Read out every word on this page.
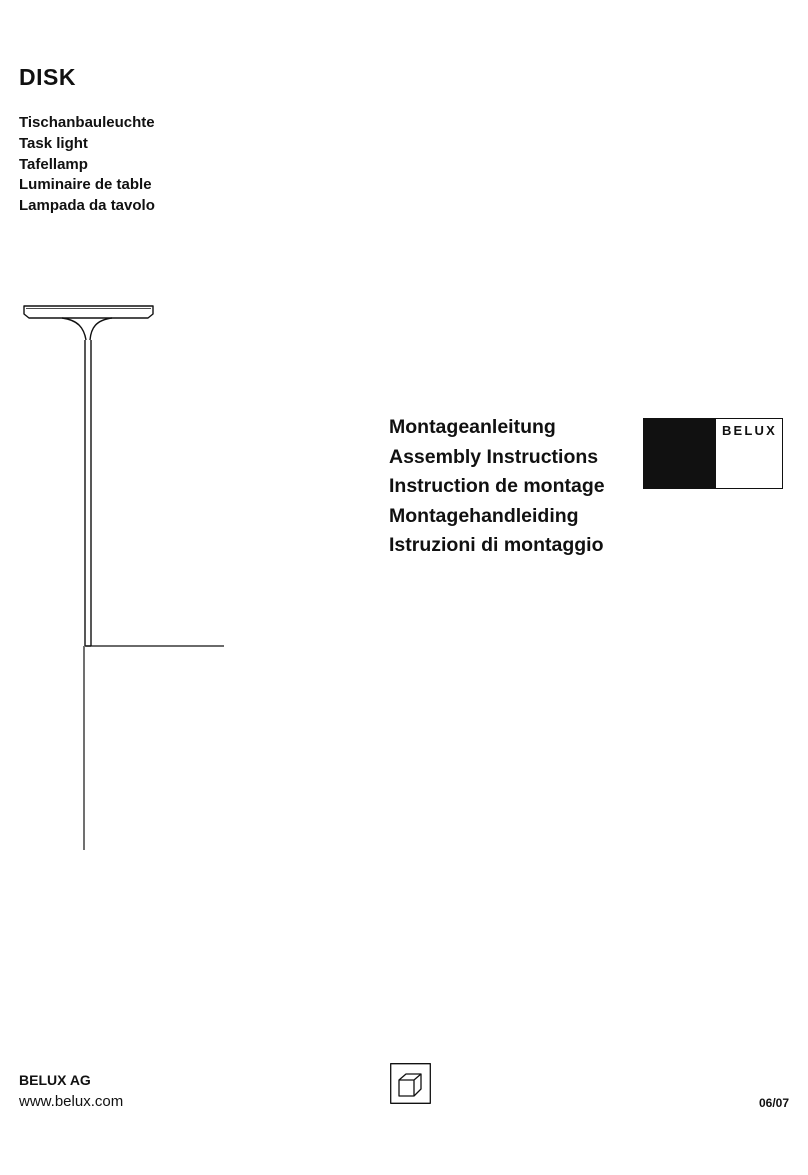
DISK
Tischanbauleuchte
Task light
Tafellamp
Luminaire de table
Lampada da tavolo
Montageanleitung
Assembly Instructions
Instruction de montage
Montagehandleiding
Istruzioni di montaggio
BELUX
BELUX AG
www.belux.com	06/07
